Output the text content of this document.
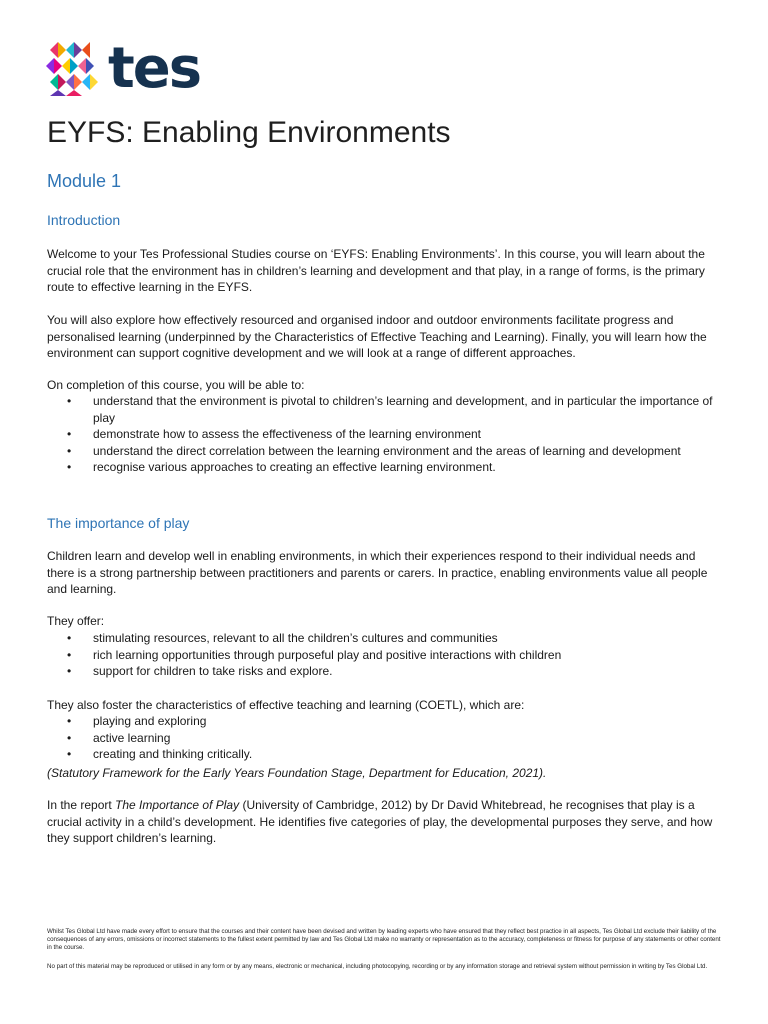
tes
EYFS: Enabling Environments
Module 1
Introduction

Welcome to your Tes Professional Studies course on ‘EYFS: Enabling Environments’. In this course, you will learn about the crucial role that the environment has in children’s learning and development and that play, in a range of forms, is the primary route to effective learning in the EYFS.

You will also explore how effectively resourced and organised indoor and outdoor environments facilitate progress and personalised learning (underpinned by the Characteristics of Effective Teaching and Learning). Finally, you will learn how the environment can support cognitive development and we will look at a range of different approaches.

On completion of this course, you will be able to:

• understand that the environment is pivotal to children’s learning and development, and in particular the importance of play
• demonstrate how to assess the effectiveness of the learning environment
• understand the direct correlation between the learning environment and the areas of learning and development
• recognise various approaches to creating an effective learning environment.
The importance of play

Children learn and develop well in enabling environments, in which their experiences respond to their individual needs and there is a strong partnership between practitioners and parents or carers. In practice, enabling environments value all people and learning.

They offer:

• stimulating resources, relevant to all the children’s cultures and communities
• rich learning opportunities through purposeful play and positive interactions with children
• support for children to take risks and explore.

They also foster the characteristics of effective teaching and learning (COETL), which are:

• playing and exploring
• active learning
• creating and thinking critically.

(Statutory Framework for the Early Years Foundation Stage, Department for Education, 2021).

In the report The Importance of Play (University of Cambridge, 2012) by Dr David Whitebread, he recognises that play is a crucial activity in a child’s development. He identifies five categories of play, the developmental purposes they serve, and how they support children’s learning.

Whilst Tes Global Ltd have made every effort to ensure that the courses and their content have been devised and written by leading experts who have ensured that they reflect best practice in all aspects, Tes Global Ltd exclude their liability of the consequences of any errors, omissions or incorrect statements to the fullest extent permitted by law and Tes Global Ltd make no warranty or representation as to the accuracy, completeness or fitness for purpose of any statements or other content in the course.

No part of this material may be reproduced or utilised in any form or by any means, electronic or mechanical, including photocopying, recording or by any information storage and retrieval system without permission in writing by Tes Global Ltd.
